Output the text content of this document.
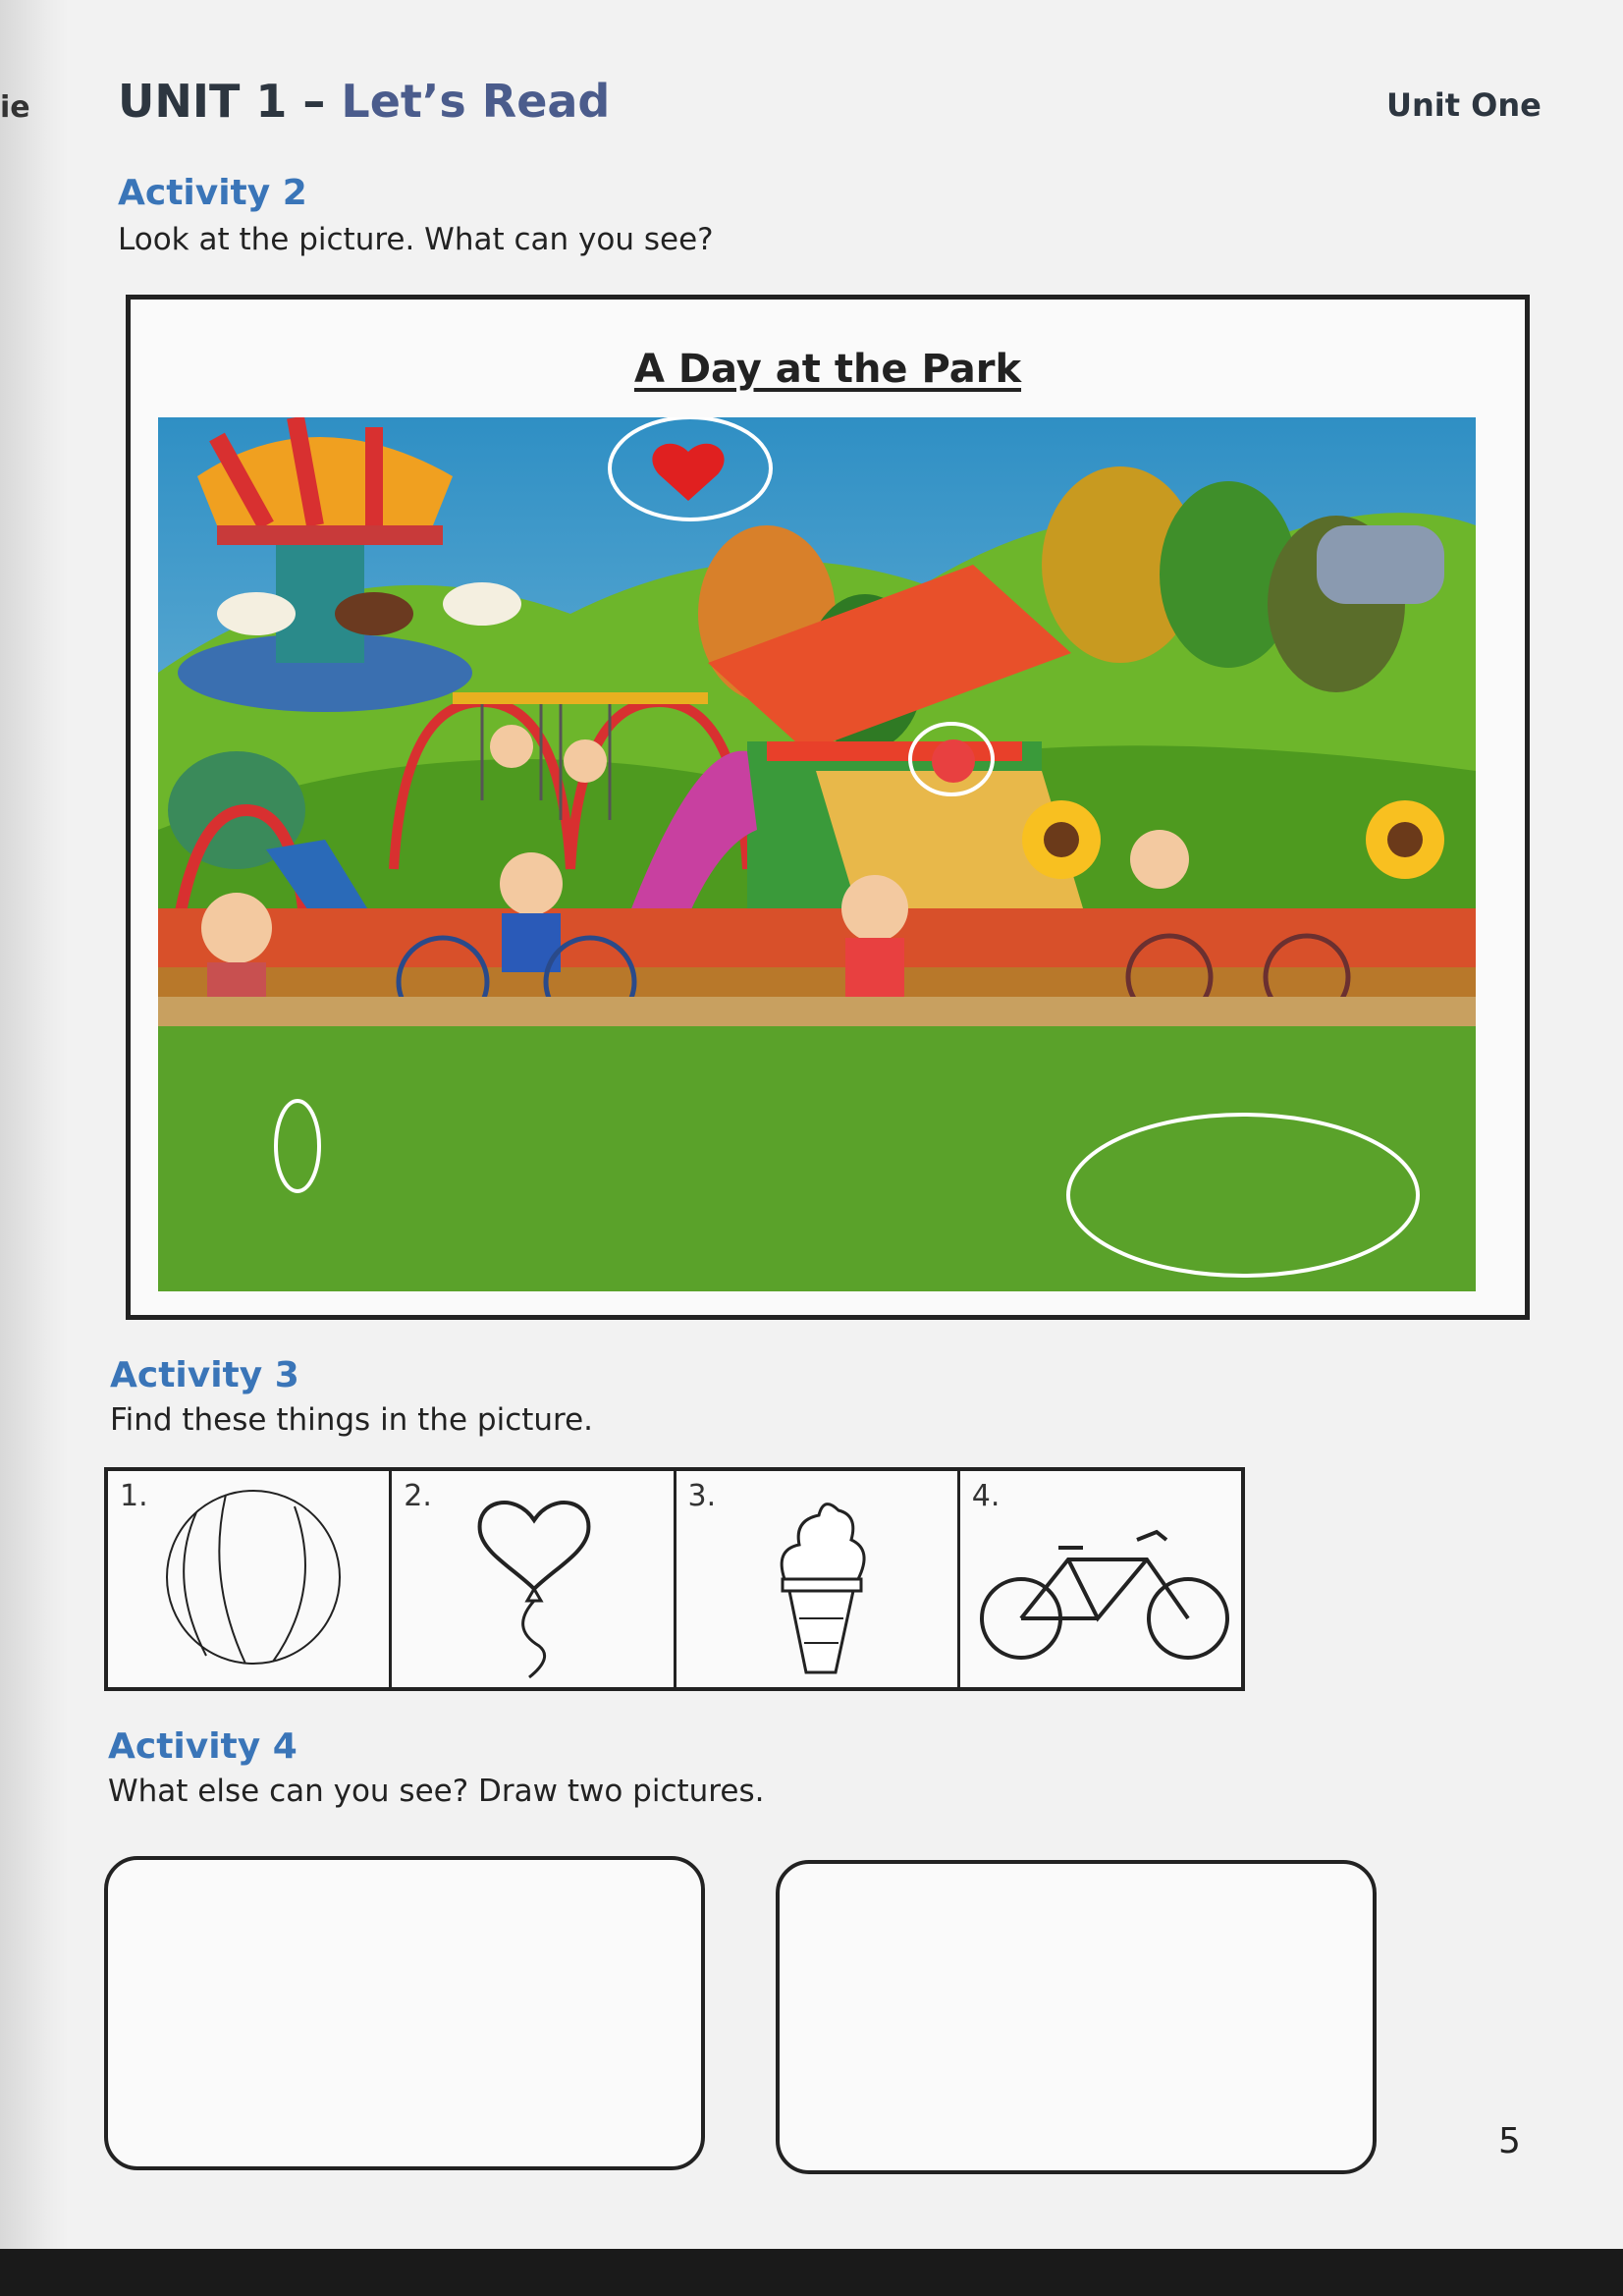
ie UNIT 1 – Let’s Read	Unit One
Activity 2
Look at the picture. What can you see?
A Day at the Park
Activity 3
Find these things in the picture.
1.	2.	3.	4.
Activity 4
What else can you see? Draw two pictures.
5
